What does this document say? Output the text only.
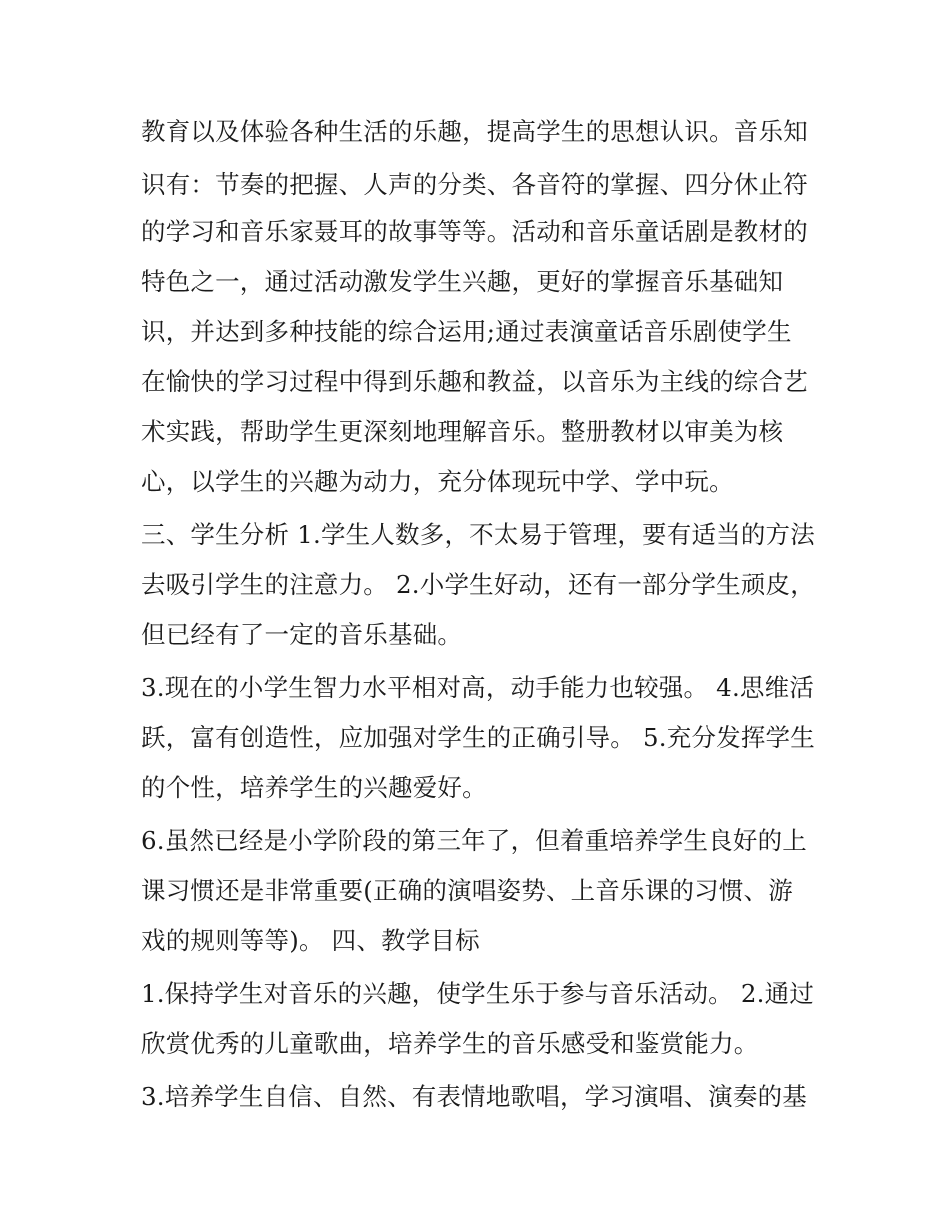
教育以及体验各种生活的乐趣，提高学生的思想认识。音乐知
识有：节奏的把握、人声的分类、各音符的掌握、四分休止符
的学习和音乐家聂耳的故事等等。活动和音乐童话剧是教材的
特色之一，通过活动激发学生兴趣，更好的掌握音乐基础知
识，并达到多种技能的综合运用;通过表演童话音乐剧使学生
在愉快的学习过程中得到乐趣和教益，以音乐为主线的综合艺
术实践，帮助学生更深刻地理解音乐。整册教材以审美为核
心，以学生的兴趣为动力，充分体现玩中学、学中玩。
三、学生分析 1.学生人数多，不太易于管理，要有适当的方法
去吸引学生的注意力。 2.小学生好动，还有一部分学生顽皮，
但已经有了一定的音乐基础。
3.现在的小学生智力水平相对高，动手能力也较强。 4.思维活
跃，富有创造性，应加强对学生的正确引导。 5.充分发挥学生
的个性，培养学生的兴趣爱好。
6.虽然已经是小学阶段的第三年了，但着重培养学生良好的上
课习惯还是非常重要(正确的演唱姿势、上音乐课的习惯、游
戏的规则等等)。 四、教学目标
1.保持学生对音乐的兴趣，使学生乐于参与音乐活动。 2.通过
欣赏优秀的儿童歌曲，培养学生的音乐感受和鉴赏能力。
3.培养学生自信、自然、有表情地歌唱，学习演唱、演奏的基
